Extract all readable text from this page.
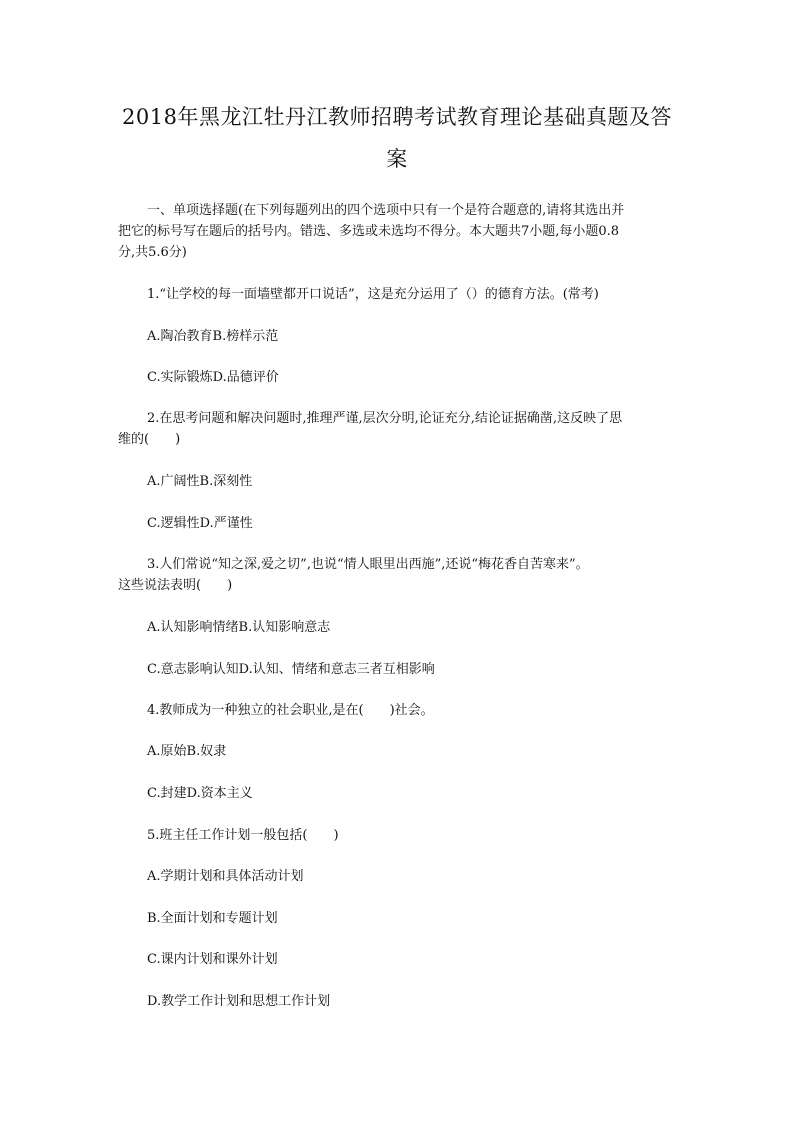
2018年黑龙江牡丹江教师招聘考试教育理论基础真题及答
案

一、单项选择题(在下列每题列出的四个选项中只有一个是符合题意的,请将其选出并

把它的标号写在题后的括号内。错选、多选或未选均不得分。本大题共7小题,每小题0.8

分,共5.6分)

1.“让学校的每一面墙壁都开口说话”，这是充分运用了（）的德育方法。(常考)

A.陶冶教育B.榜样示范

C.实际锻炼D.品德评价

2.在思考问题和解决问题时,推理严谨,层次分明,论证充分,结论证据确凿,这反映了思

维的(　　)

A.广阔性B.深刻性

C.逻辑性D.严谨性

3.人们常说“知之深,爱之切”,也说“情人眼里出西施”,还说“梅花香自苦寒来”。

这些说法表明(　　)

A.认知影响情绪B.认知影响意志

C.意志影响认知D.认知、情绪和意志三者互相影响

4.教师成为一种独立的社会职业,是在(　　)社会。

A.原始B.奴隶

C.封建D.资本主义

5.班主任工作计划一般包括(　　)

A.学期计划和具体活动计划

B.全面计划和专题计划

C.课内计划和课外计划

D.教学工作计划和思想工作计划
